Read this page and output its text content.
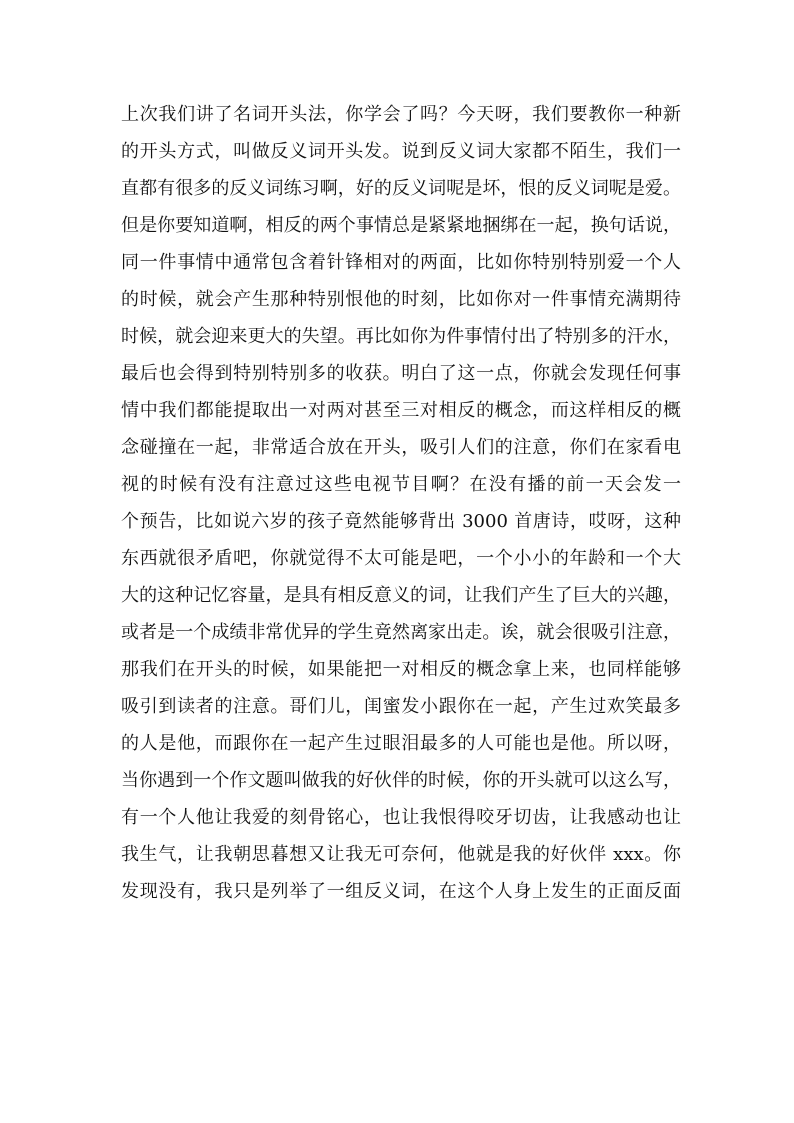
上次我们讲了名词开头法，你学会了吗？今天呀，我们要教你一种新
的开头方式，叫做反义词开头发。说到反义词大家都不陌生，我们一
直都有很多的反义词练习啊，好的反义词呢是坏，恨的反义词呢是爱。
但是你要知道啊，相反的两个事情总是紧紧地捆绑在一起，换句话说，
同一件事情中通常包含着针锋相对的两面，比如你特别特别爱一个人
的时候，就会产生那种特别恨他的时刻，比如你对一件事情充满期待
时候，就会迎来更大的失望。再比如你为件事情付出了特别多的汗水，
最后也会得到特别特别多的收获。明白了这一点，你就会发现任何事
情中我们都能提取出一对两对甚至三对相反的概念，而这样相反的概
念碰撞在一起，非常适合放在开头，吸引人们的注意，你们在家看电
视的时候有没有注意过这些电视节目啊？在没有播的前一天会发一
个预告，比如说六岁的孩子竟然能够背出 3000 首唐诗，哎呀，这种
东西就很矛盾吧，你就觉得不太可能是吧，一个小小的年龄和一个大
大的这种记忆容量，是具有相反意义的词，让我们产生了巨大的兴趣，
或者是一个成绩非常优异的学生竟然离家出走。诶，就会很吸引注意，
那我们在开头的时候，如果能把一对相反的概念拿上来，也同样能够
吸引到读者的注意。哥们儿，闺蜜发小跟你在一起，产生过欢笑最多
的人是他，而跟你在一起产生过眼泪最多的人可能也是他。所以呀，
当你遇到一个作文题叫做我的好伙伴的时候，你的开头就可以这么写，
有一个人他让我爱的刻骨铭心，也让我恨得咬牙切齿，让我感动也让
我生气，让我朝思暮想又让我无可奈何，他就是我的好伙伴 xxx。你
发现没有，我只是列举了一组反义词，在这个人身上发生的正面反面
